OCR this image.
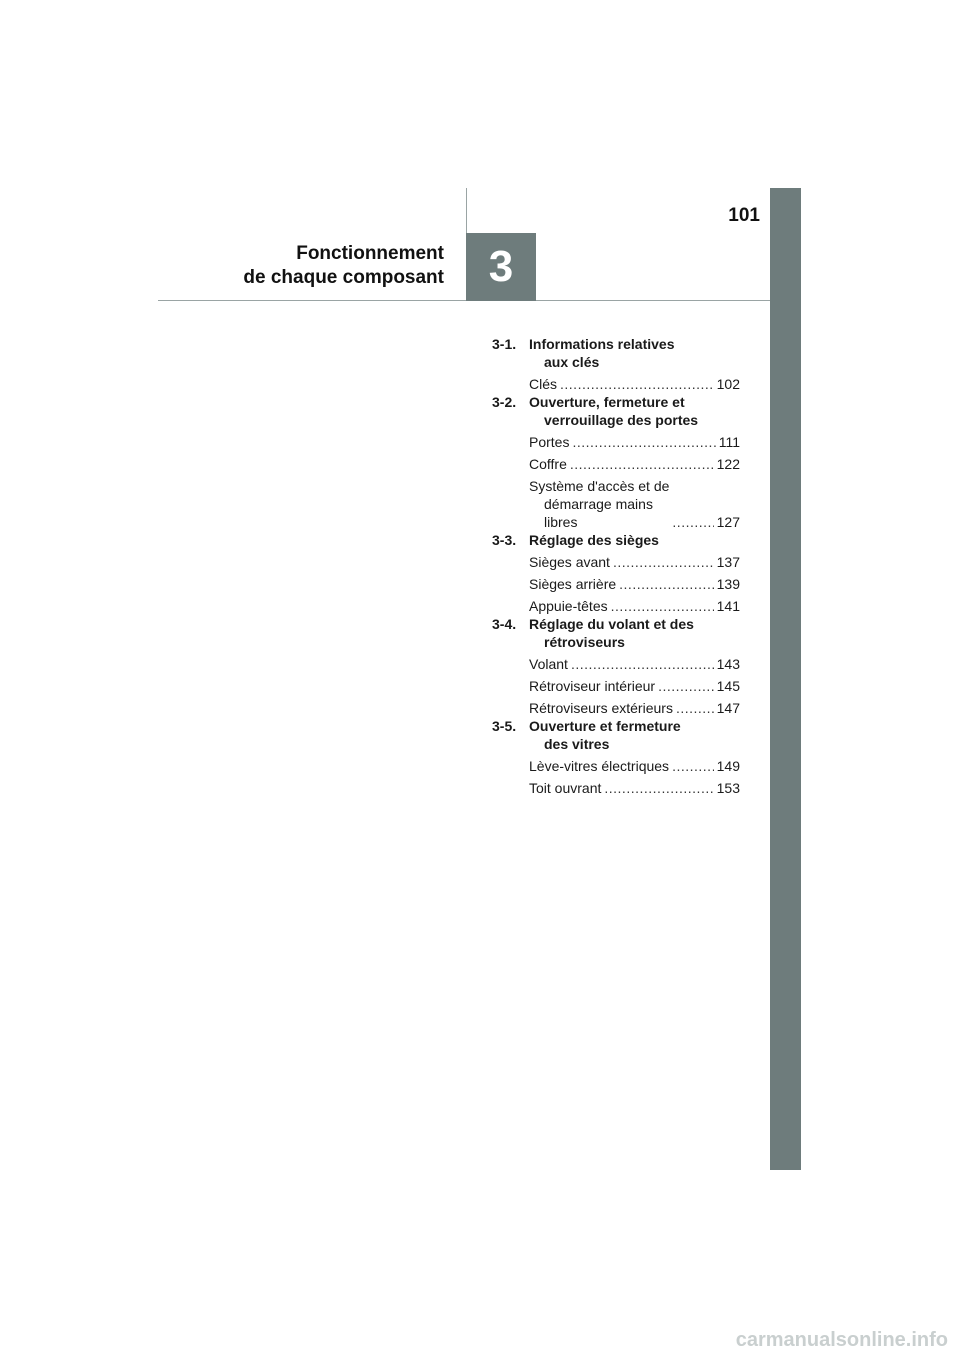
101
3
Fonctionnement
de chaque composant
3-1. Informations relatives
aux clés
Clés .....	102
3-2. Ouverture, fermeture et
verrouillage des portes
Portes .....	111
Coffre .....	122
Système d'accès et de
démarrage mains
libres .....	127
3-3. Réglage des sièges
Sièges avant .....	137
Sièges arrière .....	139
Appuie-têtes .....	141
3-4. Réglage du volant et des
rétroviseurs
Volant .....	143
Rétroviseur intérieur .....	145
Rétroviseurs extérieurs .....	147
3-5. Ouverture et fermeture
des vitres
Lève-vitres électriques .....	149
Toit ouvrant .....	153
carmanualsonline.info
